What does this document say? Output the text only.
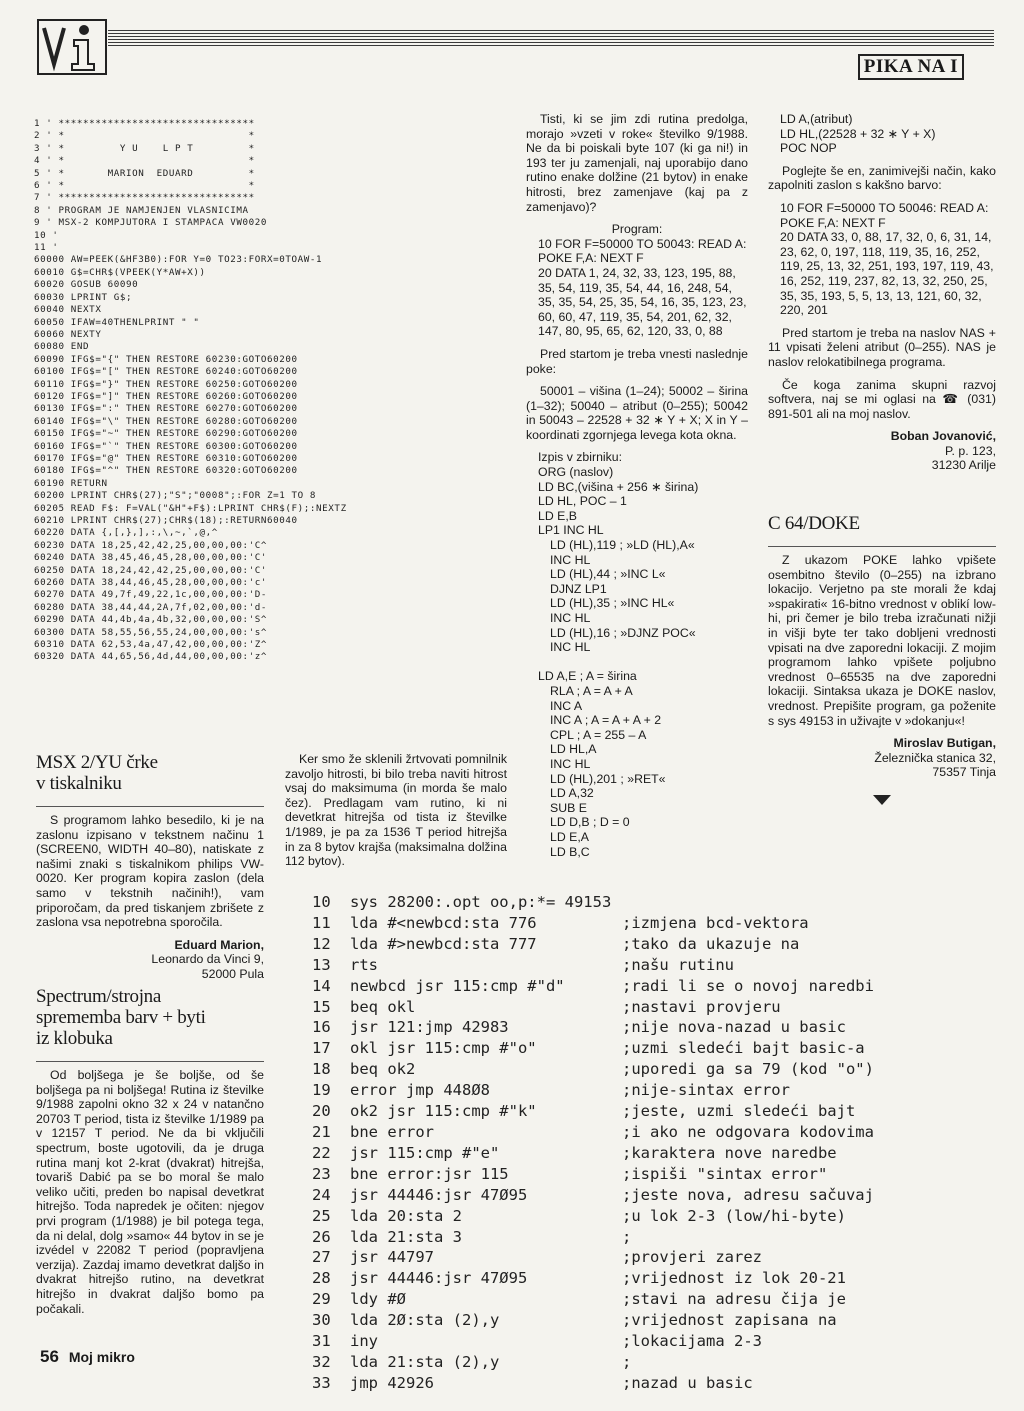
PIKA NA I
1 ' ********************************
2 ' *                              *
3 ' *         Y U    L P T         *
4 ' *                              *
5 ' *       MARION  EDUARD         *
6 ' *                              *
7 ' ********************************
8 ' PROGRAM JE NAMJENJEN VLASNICIMA
9 ' MSX-2 KOMPJUTORA I STAMPACA VW0020
10 '
11 '
60000 AW=PEEK(&HF3B0):FOR Y=0 TO23:FORX=0TOAW-1
60010 G$=CHR$(VPEEK(Y*AW+X))
60020 GOSUB 60090
60030 LPRINT G$;
60040 NEXTX
60050 IFAW=40THENLPRINT " "
60060 NEXTY
60080 END
60090 IFG$="{" THEN RESTORE 60230:GOTO60200
60100 IFG$="[" THEN RESTORE 60240:GOTO60200
60110 IFG$="}" THEN RESTORE 60250:GOTO60200
60120 IFG$="]" THEN RESTORE 60260:GOTO60200
60130 IFG$=":" THEN RESTORE 60270:GOTO60200
60140 IFG$="\" THEN RESTORE 60280:GOTO60200
60150 IFG$="~" THEN RESTORE 60290:GOTO60200
60160 IFG$="`" THEN RESTORE 60300:GOTO60200
60170 IFG$="@" THEN RESTORE 60310:GOTO60200
60180 IFG$="^" THEN RESTORE 60320:GOTO60200
60190 RETURN
60200 LPRINT CHR$(27);"S";"0008";:FOR Z=1 TO 8
60205 READ F$: F=VAL("&H"+F$):LPRINT CHR$(F);:NEXTZ
60210 LPRINT CHR$(27);CHR$(18);:RETURN60040
60220 DATA {,[,},],:,\,~,`,@,^
60230 DATA 18,25,42,42,25,00,00,00:'C^
60240 DATA 38,45,46,45,28,00,00,00:'C'
60250 DATA 18,24,42,42,25,00,00,00:'C'
60260 DATA 38,44,46,45,28,00,00,00:'c'
60270 DATA 49,7f,49,22,1c,00,00,00:'D-
60280 DATA 38,44,44,2A,7f,02,00,00:'d-
60290 DATA 44,4b,4a,4b,32,00,00,00:'S^
60300 DATA 58,55,56,55,24,00,00,00:'s^
60310 DATA 62,53,4a,47,42,00,00,00:'Z^
60320 DATA 44,65,56,4d,44,00,00,00:'z^
MSX 2/YU črke
v tiskalniku

S programom lahko besedilo, ki je na zaslonu izpisano v tekstnem načinu 1 (SCREEN0, WIDTH 40–80), natiskate z našimi znaki s tiskalnikom philips VW-0020. Ker program kopira zaslon (dela samo v tekstnih načinih!), vam priporočam, da pred tiskanjem zbrišete z zaslona vsa nepotrebna sporočila.

Eduard Marion,
Leonardo da Vinci 9,
52000 Pula
Spectrum/strojna
sprememba barv + byti
iz klobuka

Od boljšega je še boljše, od še boljšega pa ni boljšega! Rutina iz številke 9/1988 zapolni okno 32 x 24 v natančno 20703 T period, tista iz številke 1/1989 pa v 12157 T period. Ne da bi vključili spectrum, boste ugotovili, da je druga rutina manj kot 2-krat (dvakrat) hitrejša, tovariš Dabić pa se bo moral še malo veliko učiti, preden bo napisal devetkrat hitrejšo. Toda napredek je očiten: njegov prvi program (1/1988) je bil potega tega, da ni delal, dolg »samo« 44 bytov in se je izvédel v 22082 T period (popravljena verzija). Zazdaj imamo devetkrat daljšo in dvakrat hitrejšo rutino, na devetkrat hitrejšo in dvakrat daljšo bomo pa počakali.

Ker smo že sklenili žrtvovati pomnilnik zavoljo hitrosti, bi bilo treba naviti hitrost vsaj do maksimuma (in morda še malo čez). Predlagam vam rutino, ki ni devetkrat hitrejša od tista iz številke 1/1989, je pa za 1536 T period hitrejša in za 8 bytov krajša (maksimalna dolžina 112 bytov).

Tisti, ki se jim zdi rutina predolga, morajo »vzeti v roke« številko 9/1988. Ne da bi poiskali byte 107 (ki ga ni!) in 193 ter ju zamenjali, naj uporabijo dano rutino enake dolžine (21 bytov) in enake hitrosti, brez zamenjave (kaj pa z zamenjavo)?

Program:

10 FOR F=50000 TO 50043: READ A: POKE F,A: NEXT F

20 DATA 1, 24, 32, 33, 123, 195, 88, 35, 54, 119, 35, 54, 44, 16, 248, 54, 35, 35, 54, 25, 35, 54, 16, 35, 123, 23, 60, 60, 47, 119, 35, 54, 201, 62, 32, 147, 80, 95, 65, 62, 120, 33, 0, 88

Pred startom je treba vnesti naslednje poke:

50001 – višina (1–24); 50002 – širina (1–32); 50040 – atribut (0–255); 50042 in 50043 – 22528 + 32 ∗ Y + X; X in Y – koordinati zgornjega levega kota okna.

Izpis v zbirniku:
ORG (naslov)
LD BC,(višina + 256 ∗ širina)
LD HL, POC – 1
LD E,B
LP1 INC HL
LD (HL),119 ; »LD (HL),A«
INC HL
LD (HL),44 ; »INC L«
DJNZ LP1
LD (HL),35 ; »INC HL«
INC HL
LD (HL),16 ; »DJNZ POC«
INC HL

LD A,E ; A = širina
RLA ; A = A + A
INC A
INC A ; A = A + A + 2
CPL ; A = 255 – A
LD HL,A
INC HL
LD (HL),201 ; »RET«
LD A,32
SUB E
LD D,B ; D = 0
LD E,A
LD B,C
LD A,(atribut)
LD HL,(22528 + 32 ∗ Y + X)
POC NOP

Poglejte še en, zanimivejši način, kako zapolniti zaslon s kakšno barvo:

10 FOR F=50000 TO 50046: READ A: POKE F,A: NEXT F

20 DATA 33, 0, 88, 17, 32, 0, 6, 31, 14, 23, 62, 0, 197, 118, 119, 35, 16, 252, 119, 25, 13, 32, 251, 193, 197, 119, 43, 16, 252, 119, 237, 82, 13, 32, 250, 25, 35, 35, 193, 5, 5, 13, 13, 121, 60, 32, 220, 201

Pred startom je treba na naslov NAS + 11 vpisati želeni atribut (0–255). NAS je naslov relokatibilnega programa.

Če koga zanima skupni razvoj softvera, naj se mi oglasi na ☎ (031) 891-501 ali na moj naslov.

Boban Jovanović,
P. p. 123,
31230 Arilje
C 64/DOKE

Z ukazom POKE lahko vpišete osembitno število (0–255) na izbrano lokacijo. Verjetno pa ste morali že kdaj »spakirati« 16-bitno vrednost v oblikí low-hi, pri čemer je bilo treba izračunati nižji in višji byte ter tako dobljeni vrednosti vpisati na dve zaporedni lokaciji. Z mojim programom lahko vpišete poljubno vrednost 0–65535 na dve zaporedni lokaciji. Sintaksa ukaza je DOKE naslov, vrednost. Prepišite program, ga poženite s sys 49153 in uživajte v »dokanju«!

Miroslav Butigan,
Železnička stanica 32,
75357 Tinja
10 sys 28200:.opt oo,p:*= 49153
11 lda #<newbcd:sta 776	;izmjena bcd-vektora
12 lda #>newbcd:sta 777	;tako da ukazuje na
13 rts	;našu rutinu
14 newbcd jsr 115:cmp #"d"	;radi li se o novoj naredbi
15 beq okl	;nastavi provjeru
16 jsr 121:jmp 42983	;nije nova-nazad u basic
17 okl jsr 115:cmp #"o"	;uzmi sledeći bajt basic-a
18 beq ok2	;uporedi ga sa 79 (kod "o")
19 error jmp 448Ø8	;nije-sintax error
20 ok2 jsr 115:cmp #"k"	;jeste, uzmi sledeći bajt
21 bne error	;i ako ne odgovara kodovima
22 jsr 115:cmp #"e"	;karaktera nove naredbe
23 bne error:jsr 115	;ispiši "sintax error"
24 jsr 44446:jsr 47Ø95	;jeste nova, adresu sačuvaj
25 lda 20:sta 2	;u lok 2-3 (low/hi-byte)
26 lda 21:sta 3	;
27 jsr 44797	;provjeri zarez
28 jsr 44446:jsr 47Ø95	;vrijednost iz lok 20-21
29 ldy #Ø	;stavi na adresu čija je
30 lda 2Ø:sta (2),y	;vrijednost zapisana na
31 iny	;lokacijama 2-3
32 lda 21:sta (2),y	;
33 jmp 42926	;nazad u basic
56 Moj mikro
